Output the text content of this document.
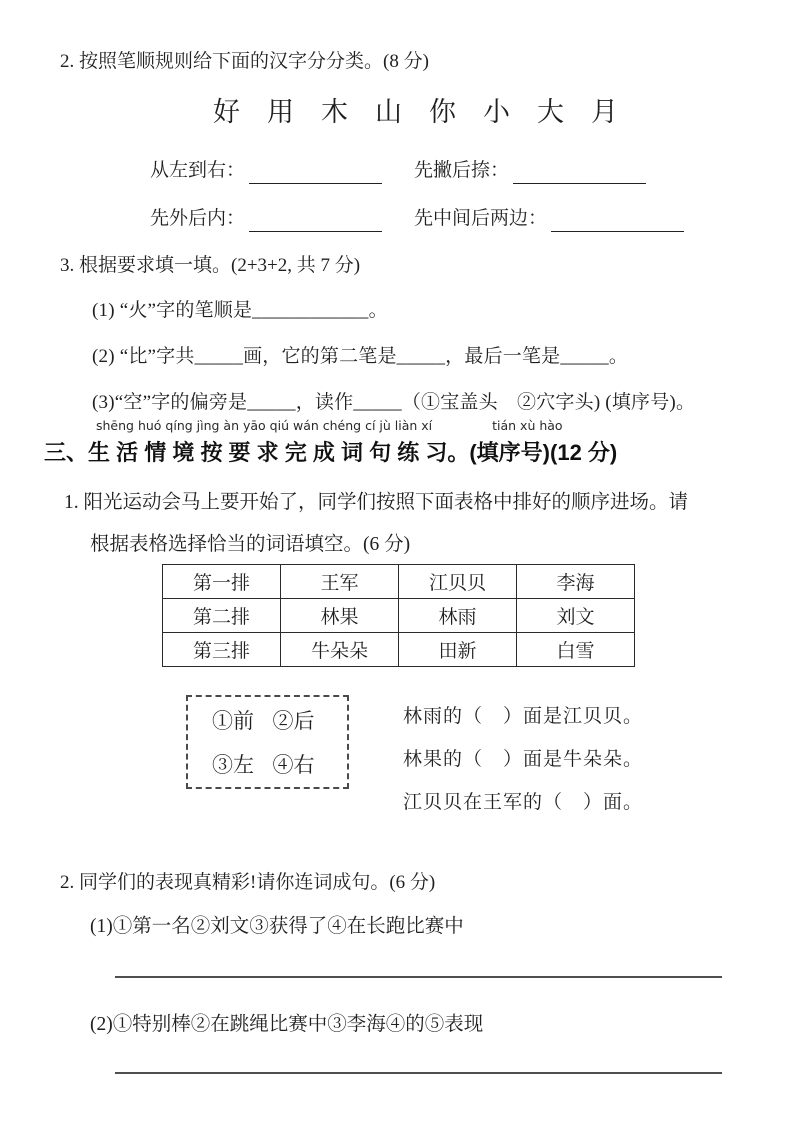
2. 按照笔顺规则给下面的汉字分分类。(8 分)
好 用 木 山 你 小 大 月
从左到右：	先撇后捺：
先外后内：	先中间后两边：
3. 根据要求填一填。(2+3+2, 共 7 分)
(1) “火”字的笔顺是____________。
(2) “比”字共_____画，它的第二笔是_____，最后一笔是_____。
(3)“空”字的偏旁是_____，读作_____（①宝盖头　②穴字头) (填序号)。
shēng huó qíng jìng àn yāo qiú wán chéng cí jù liàn xí	tián xù hào
三、生 活 情 境 按 要 求 完 成 词 句 练 习。(填序号)(12 分)
1. 阳光运动会马上要开始了，同学们按照下面表格中排好的顺序进场。请
根据表格选择恰当的词语填空。(6 分)
第一排	王军	江贝贝	李海
第二排	林果	林雨	刘文
第三排	牛朵朵	田新	白雪
①前 ②后
③左 ④右
林雨的（　）面是江贝贝。
林果的（　）面是牛朵朵。
江贝贝在王军的（　）面。
2. 同学们的表现真精彩!请你连词成句。(6 分)
(1)①第一名②刘文③获得了④在长跑比赛中
(2)①特别棒②在跳绳比赛中③李海④的⑤表现
